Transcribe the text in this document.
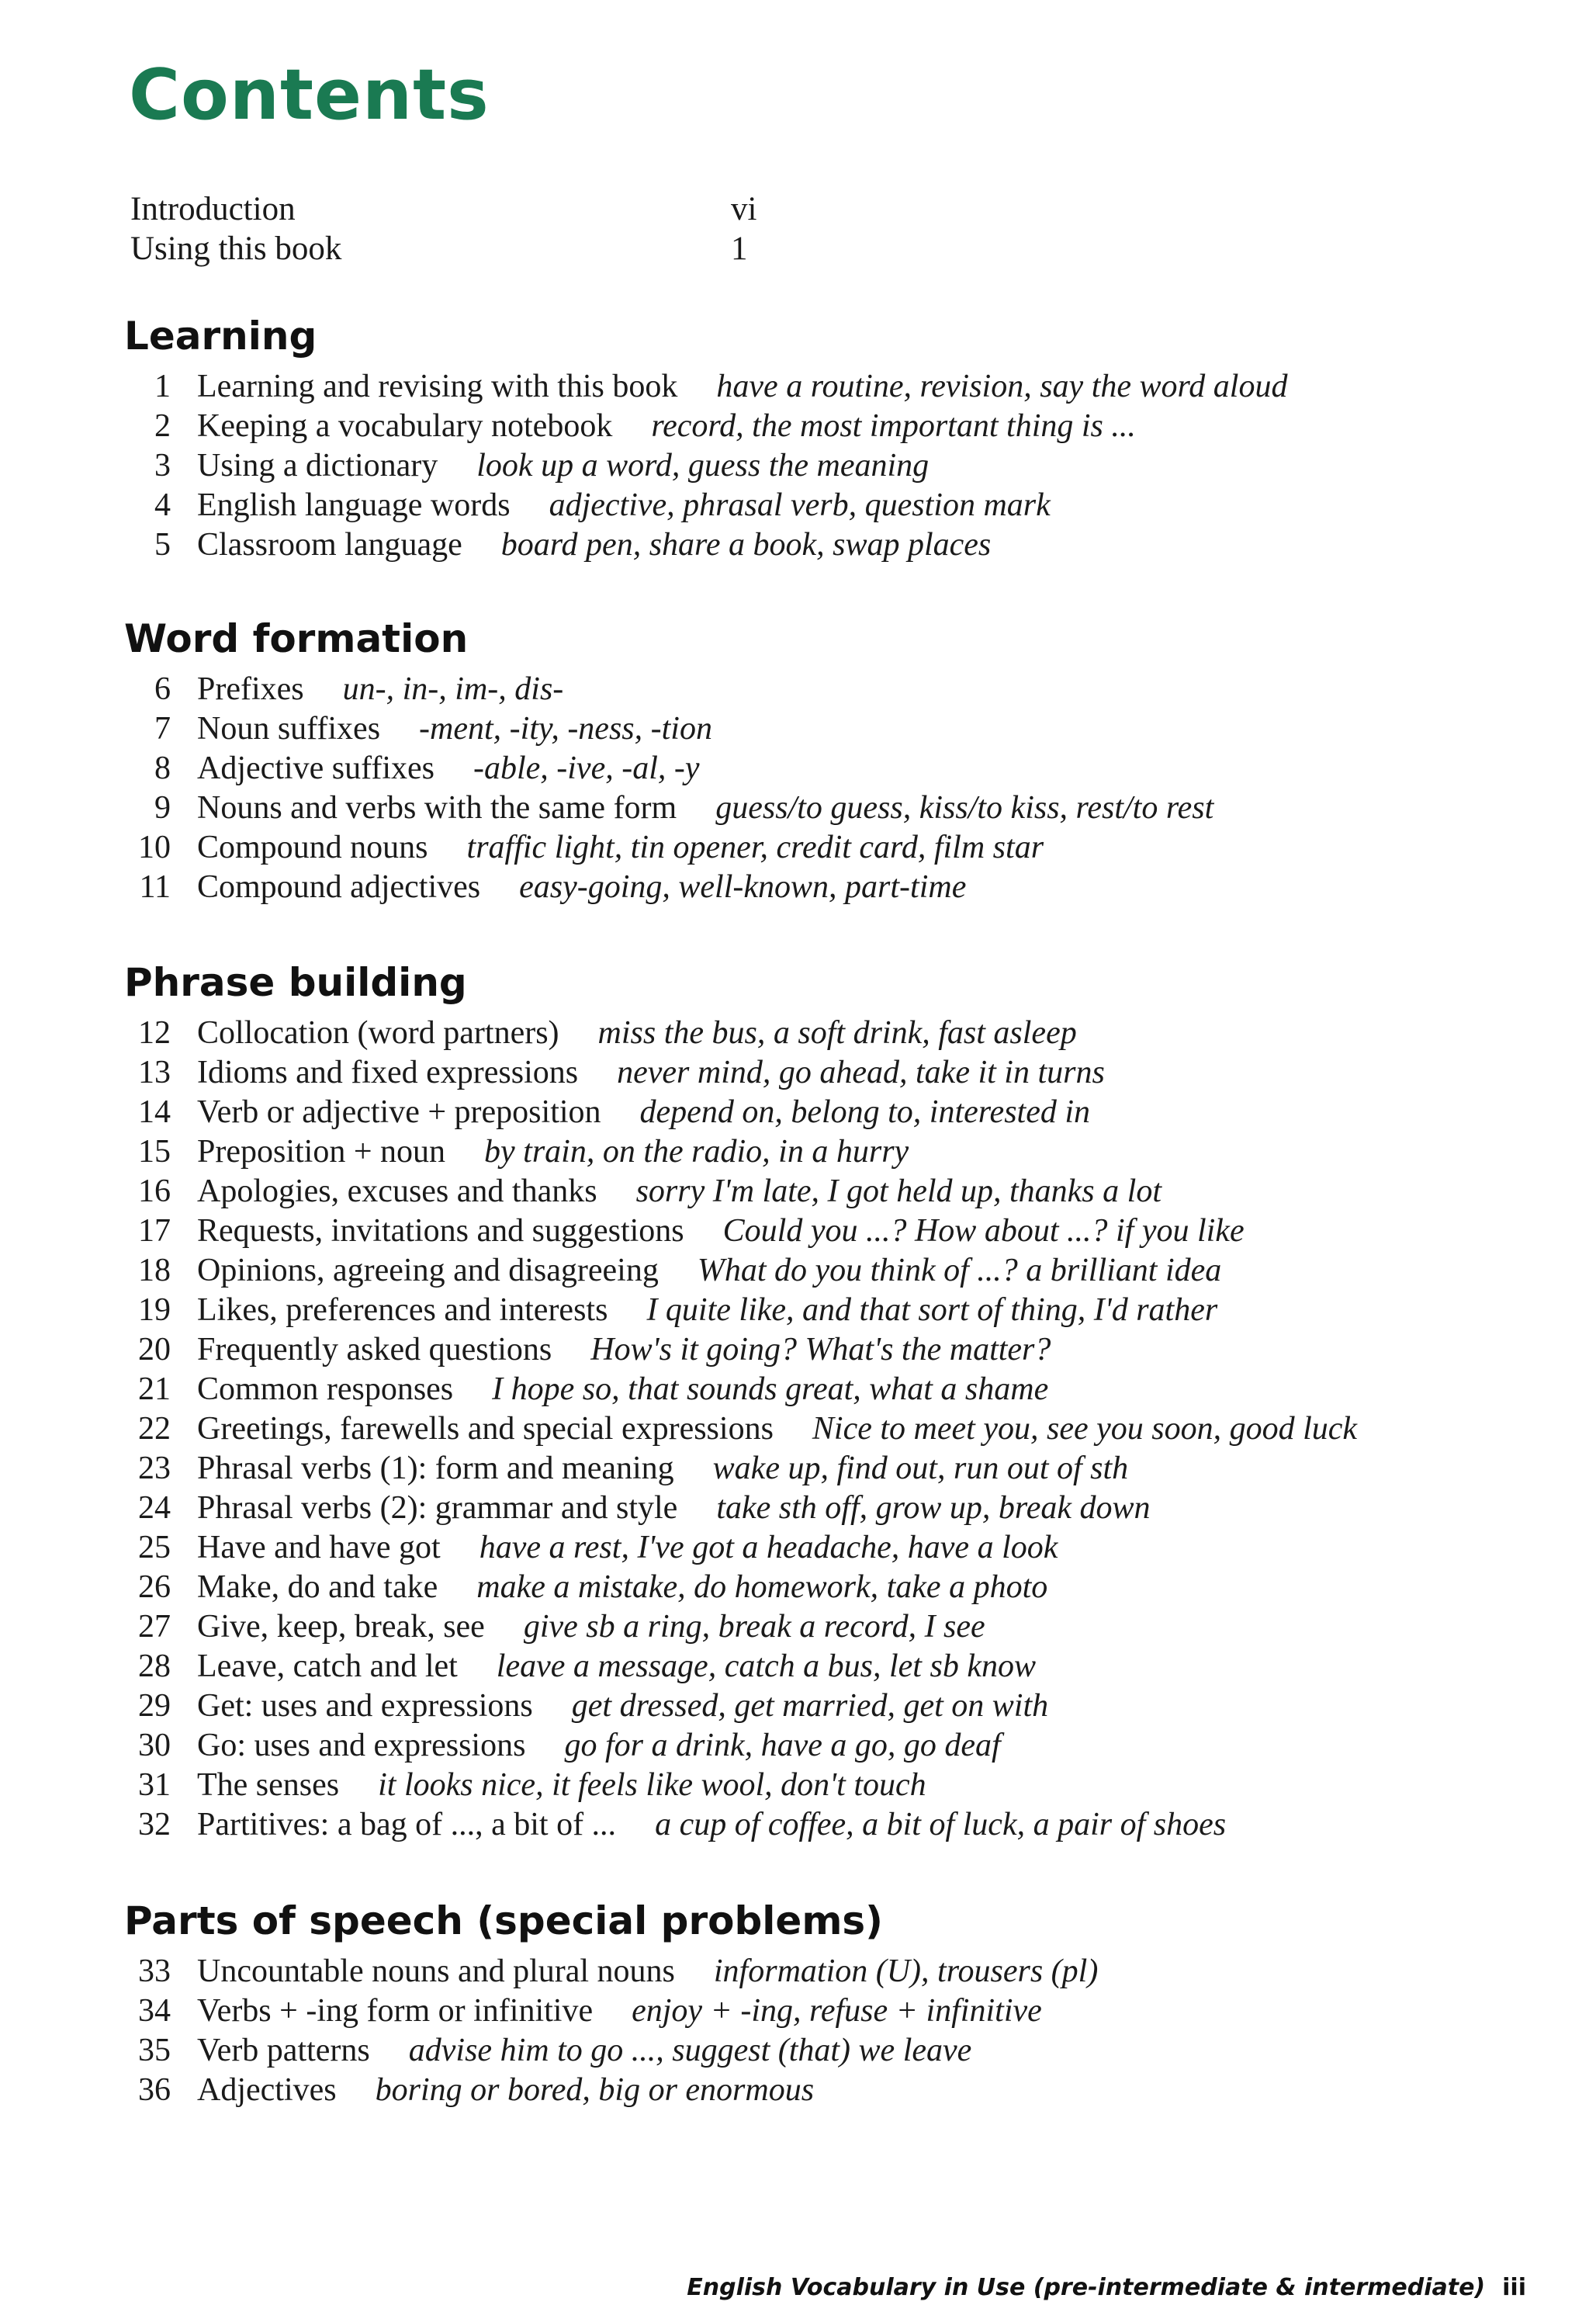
Contents
Introduction	vi
Using this book	1
Learning
1 Learning and revising with this book have a routine, revision, say the word aloud
2 Keeping a vocabulary notebook record, the most important thing is ...
3 Using a dictionary look up a word, guess the meaning
4 English language words adjective, phrasal verb, question mark
5 Classroom language board pen, share a book, swap places
Word formation
6 Prefixes un-, in-, im-, dis-
7 Noun suffixes -ment, -ity, -ness, -tion
8 Adjective suffixes -able, -ive, -al, -y
9 Nouns and verbs with the same form guess/to guess, kiss/to kiss, rest/to rest
10 Compound nouns traffic light, tin opener, credit card, film star
11 Compound adjectives easy-going, well-known, part-time
Phrase building
12 Collocation (word partners) miss the bus, a soft drink, fast asleep
13 Idioms and fixed expressions never mind, go ahead, take it in turns
14 Verb or adjective + preposition depend on, belong to, interested in
15 Preposition + noun by train, on the radio, in a hurry
16 Apologies, excuses and thanks sorry I'm late, I got held up, thanks a lot
17 Requests, invitations and suggestions Could you ...? How about ...? if you like
18 Opinions, agreeing and disagreeing What do you think of ...? a brilliant idea
19 Likes, preferences and interests I quite like, and that sort of thing, I'd rather
20 Frequently asked questions How's it going? What's the matter?
21 Common responses I hope so, that sounds great, what a shame
22 Greetings, farewells and special expressions Nice to meet you, see you soon, good luck
23 Phrasal verbs (1): form and meaning wake up, find out, run out of sth
24 Phrasal verbs (2): grammar and style take sth off, grow up, break down
25 Have and have got have a rest, I've got a headache, have a look
26 Make, do and take make a mistake, do homework, take a photo
27 Give, keep, break, see give sb a ring, break a record, I see
28 Leave, catch and let leave a message, catch a bus, let sb know
29 Get: uses and expressions get dressed, get married, get on with
30 Go: uses and expressions go for a drink, have a go, go deaf
31 The senses it looks nice, it feels like wool, don't touch
32 Partitives: a bag of ..., a bit of ... a cup of coffee, a bit of luck, a pair of shoes
Parts of speech (special problems)
33 Uncountable nouns and plural nouns information (U), trousers (pl)
34 Verbs + -ing form or infinitive enjoy + -ing, refuse + infinitive
35 Verb patterns advise him to go ..., suggest (that) we leave
36 Adjectives boring or bored, big or enormous
English Vocabulary in Use (pre-intermediate & intermediate) iii
